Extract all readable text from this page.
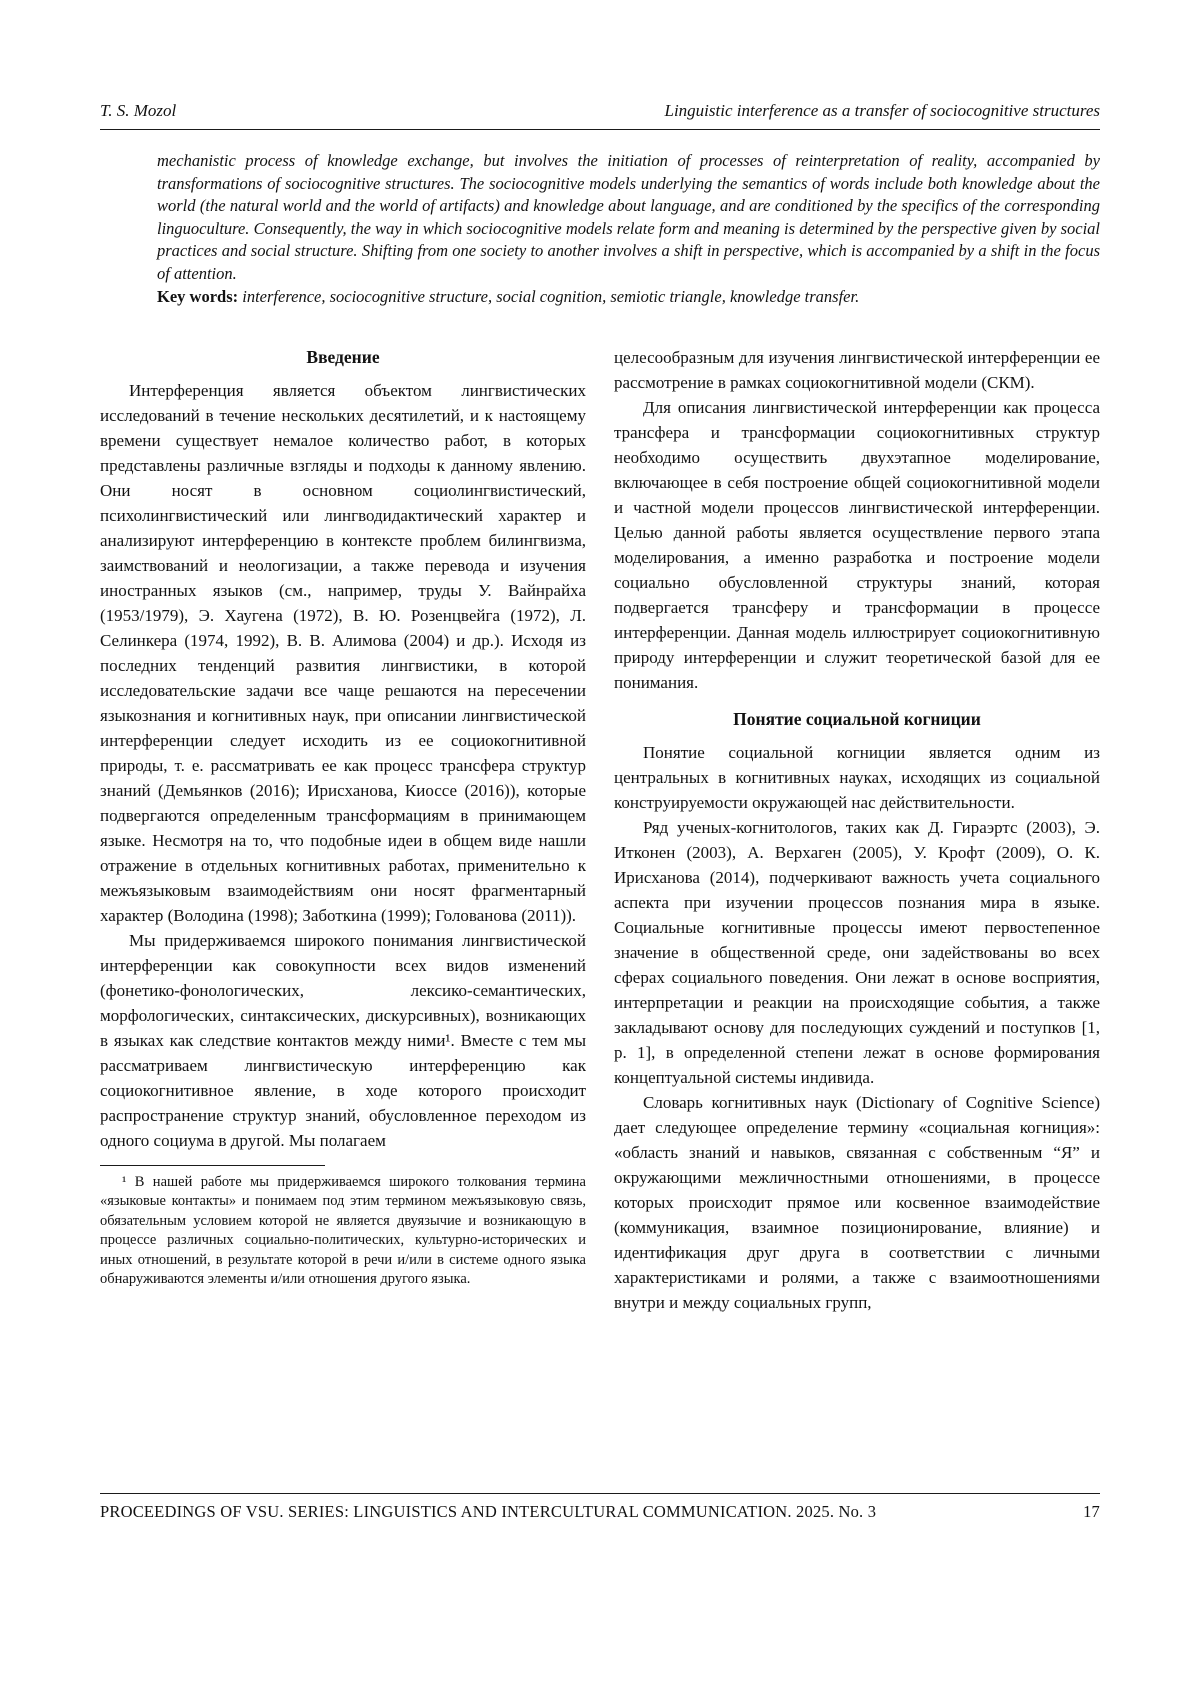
T. S. Mozol	Linguistic interference as a transfer of sociocognitive structures

mechanistic process of knowledge exchange, but involves the initiation of processes of reinterpretation of reality, accompanied by transformations of sociocognitive structures. The sociocognitive models underlying the semantics of words include both knowledge about the world (the natural world and the world of artifacts) and knowledge about language, and are conditioned by the specifics of the corresponding linguoculture. Consequently, the way in which sociocognitive models relate form and meaning is determined by the perspective given by social practices and social structure. Shifting from one society to another involves a shift in perspective, which is accompanied by a shift in the focus of attention.

Key words: interference, sociocognitive structure, social cognition, semiotic triangle, knowledge transfer.

Введение

Интерференция является объектом лингвистических исследований в течение нескольких десятилетий, и к настоящему времени существует немалое количество работ, в которых представлены различные взгляды и подходы к данному явлению. Они носят в основном социолингвистический, психолингвистический или лингводидактический характер и анализируют интерференцию в контексте проблем билингвизма, заимствований и неологизации, а также перевода и изучения иностранных языков (см., например, труды У. Вайнрайха (1953/1979), Э. Хаугена (1972), В. Ю. Розенцвейга (1972), Л. Селинкера (1974, 1992), В. В. Алимова (2004) и др.). Исходя из последних тенденций развития лингвистики, в которой исследовательские задачи все чаще решаются на пересечении языкознания и когнитивных наук, при описании лингвистической интерференции следует исходить из ее социокогнитивной природы, т. е. рассматривать ее как процесс трансфера структур знаний (Демьянков (2016); Ирисханова, Киоссе (2016)), которые подвергаются определенным трансформациям в принимающем языке. Несмотря на то, что подобные идеи в общем виде нашли отражение в отдельных когнитивных работах, применительно к межъязыковым взаимодействиям они носят фрагментарный характер (Володина (1998); Заботкина (1999); Голованова (2011)).

Мы придерживаемся широкого понимания лингвистической интерференции как совокупности всех видов изменений (фонетико-фонологических, лексико-семантических, морфологических, синтаксических, дискурсивных), возникающих в языках как следствие контактов между ними¹. Вместе с тем мы рассматриваем лингвистическую интерференцию как социокогнитивное явление, в ходе которого происходит распространение структур знаний, обусловленное переходом из одного социума в другой. Мы полагаем

¹ В нашей работе мы придерживаемся широкого толкования термина «языковые контакты» и понимаем под этим термином межъязыковую связь, обязательным условием которой не является двуязычие и возникающую в процессе различных социально-политических, культурно-исторических и иных отношений, в результате которой в речи и/или в системе одного языка обнаруживаются элементы и/или отношения другого языка.

целесообразным для изучения лингвистической интерференции ее рассмотрение в рамках социокогнитивной модели (СКМ).

Для описания лингвистической интерференции как процесса трансфера и трансформации социокогнитивных структур необходимо осуществить двухэтапное моделирование, включающее в себя построение общей социокогнитивной модели и частной модели процессов лингвистической интерференции. Целью данной работы является осуществление первого этапа моделирования, а именно разработка и построение модели социально обусловленной структуры знаний, которая подвергается трансферу и трансформации в процессе интерференции. Данная модель иллюстрирует социокогнитивную природу интерференции и служит теоретической базой для ее понимания.

Понятие социальной когниции

Понятие социальной когниции является одним из центральных в когнитивных науках, исходящих из социальной конструируемости окружающей нас действительности.

Ряд ученых-когнитологов, таких как Д. Гираэртс (2003), Э. Итконен (2003), А. Верхаген (2005), У. Крофт (2009), О. К. Ирисханова (2014), подчеркивают важность учета социального аспекта при изучении процессов познания мира в языке. Социальные когнитивные процессы имеют первостепенное значение в общественной среде, они задействованы во всех сферах социального поведения. Они лежат в основе восприятия, интерпретации и реакции на происходящие события, а также закладывают основу для последующих суждений и поступков [1, p. 1], в определенной степени лежат в основе формирования концептуальной системы индивида.

Словарь когнитивных наук (Dictionary of Cognitive Science) дает следующее определение термину «социальная когниция»: «область знаний и навыков, связанная с собственным “Я” и окружающими межличностными отношениями, в процессе которых происходит прямое или косвенное взаимодействие (коммуникация, взаимное позиционирование, влияние) и идентификация друг друга в соответствии с личными характеристиками и ролями, а также с взаимоотношениями внутри и между социальных групп,

PROCEEDINGS OF VSU. SERIES: LINGUISTICS AND INTERCULTURAL COMMUNICATION. 2025. No. 3	17
